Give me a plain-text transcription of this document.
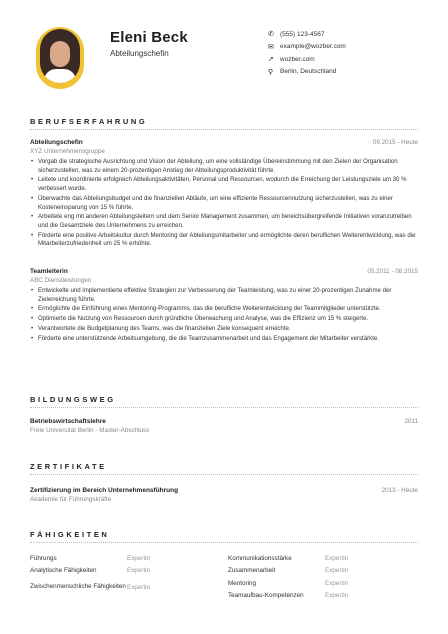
Eleni Beck
Abteilungschefin
✆ (555) 123-4567
✉ example@wozber.com
➚ wozber.com
⚲	Berlin, Deutschland
BERUFSERFAHRUNG
Abteilungschefin	09.2015 - Heute
XYZ Unternehmensgruppe
• Vorgab die strategische Ausrichtung und Vision der Abteilung, um eine vollständige Übereinstimmung mit den Zielen der Organisation sicherzustellen, was zu einem 20-prozentigen Anstieg der Abteilungsproduktivität führte.
• Leitete und koordinierte erfolgreich Abteilungsaktivitäten, Personal und Ressourcen, wodurch die Erreichung der Leistungsziele um 30 % verbessert wurde.
• Überwachte das Abteilungsbudget und die finanziellen Abläufe, um eine effiziente Ressourcennutzung sicherzustellen, was zu einer Kosteneinsparung von 15 % führte.
• Arbeitete eng mit anderen Abteilungsleitern und dem Senior Management zusammen, um bereichsübergreifende Initiativen voranzutreiben und die Gesamtziele des Unternehmens zu erreichen.
• Förderte eine positive Arbeitskultur durch Mentoring der Abteilungsmitarbeiter und ermöglichte deren beruflichen Weiterentwicklung, was die Mitarbeiterzufriedenheit um 25 % erhöhte.
Teamleiterin	05.2011 - 08.2015
ABC Dienstleistungen
• Entwickelte und implementierte effektive Strategien zur Verbesserung der Teamleistung, was zu einer 20-prozentigen Zunahme der Zielerreichung führte.
• Ermöglichte die Einführung eines Mentoring-Programms, das die berufliche Weiterentwicklung der Teammitglieder unterstützte.
• Optimierte die Nutzung von Ressourcen durch gründliche Überwachung und Analyse, was die Effizienz um 15 % steigerte.
• Verantwortete die Budgetplanung des Teams, was die finanziellen Ziele konsequent erreichte.
• Förderte eine unterstützende Arbeitsumgebung, die die Teamzusammenarbeit und das Engagement der Mitarbeiter verstärkte.
BILDUNGSWEG
Betriebswirtschaftslehre	2011
Freie Universität Berlin - Master-Abschluss
ZERTIFIKATE
Zertifizierung im Bereich Unternehmensführung	2013 - Heute
Akademie für Führungskräfte
FÄHIGKEITEN
Führungs	Expertin
Analytische Fähigkeiten	Expertin
Zwischenmenschliche Fähigkeiten Expertin
Kommunikationsstärke	Expertin
Zusammenarbeit	Expertin
Mentoring	Expertin
Teamaufbau-Kompetenzen	Expertin
